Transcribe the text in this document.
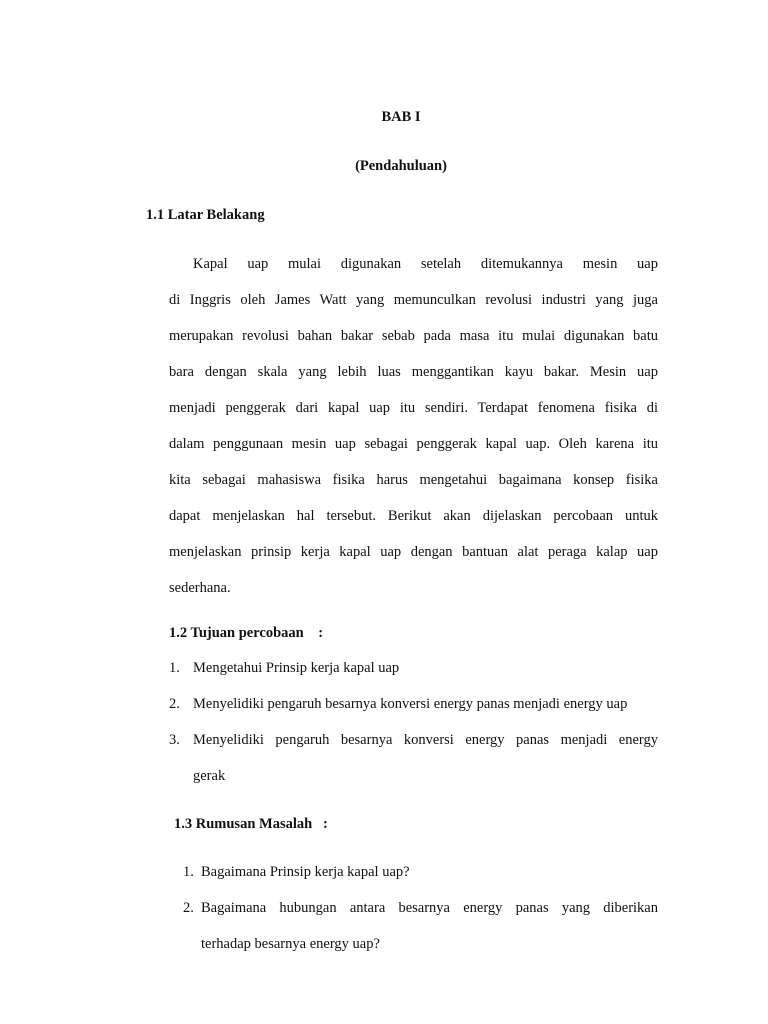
BAB I
(Pendahuluan)
1.1 Latar Belakang
Kapal uap mulai digunakan setelah ditemukannya mesin uap
di Inggris oleh James Watt yang memunculkan revolusi industri yang juga
merupakan revolusi bahan bakar sebab pada masa itu mulai digunakan batu
bara dengan skala yang lebih luas menggantikan kayu bakar. Mesin uap
menjadi penggerak dari kapal uap itu sendiri. Terdapat fenomena fisika di
dalam penggunaan mesin uap sebagai penggerak kapal uap. Oleh karena itu
kita sebagai mahasiswa fisika harus mengetahui bagaimana konsep fisika
dapat menjelaskan hal tersebut. Berikut akan dijelaskan percobaan untuk
menjelaskan prinsip kerja kapal uap dengan bantuan alat peraga kalap uap
sederhana.
1.2 Tujuan percobaan    :
1. Mengetahui Prinsip kerja kapal uap
2. Menyelidiki pengaruh besarnya konversi energy panas menjadi energy uap
3. Menyelidiki pengaruh besarnya konversi energy panas menjadi energy
gerak
1.3 Rumusan Masalah   :
1. Bagaimana Prinsip kerja kapal uap?
2. Bagaimana hubungan antara besarnya energy panas yang diberikan
terhadap besarnya energy uap?
